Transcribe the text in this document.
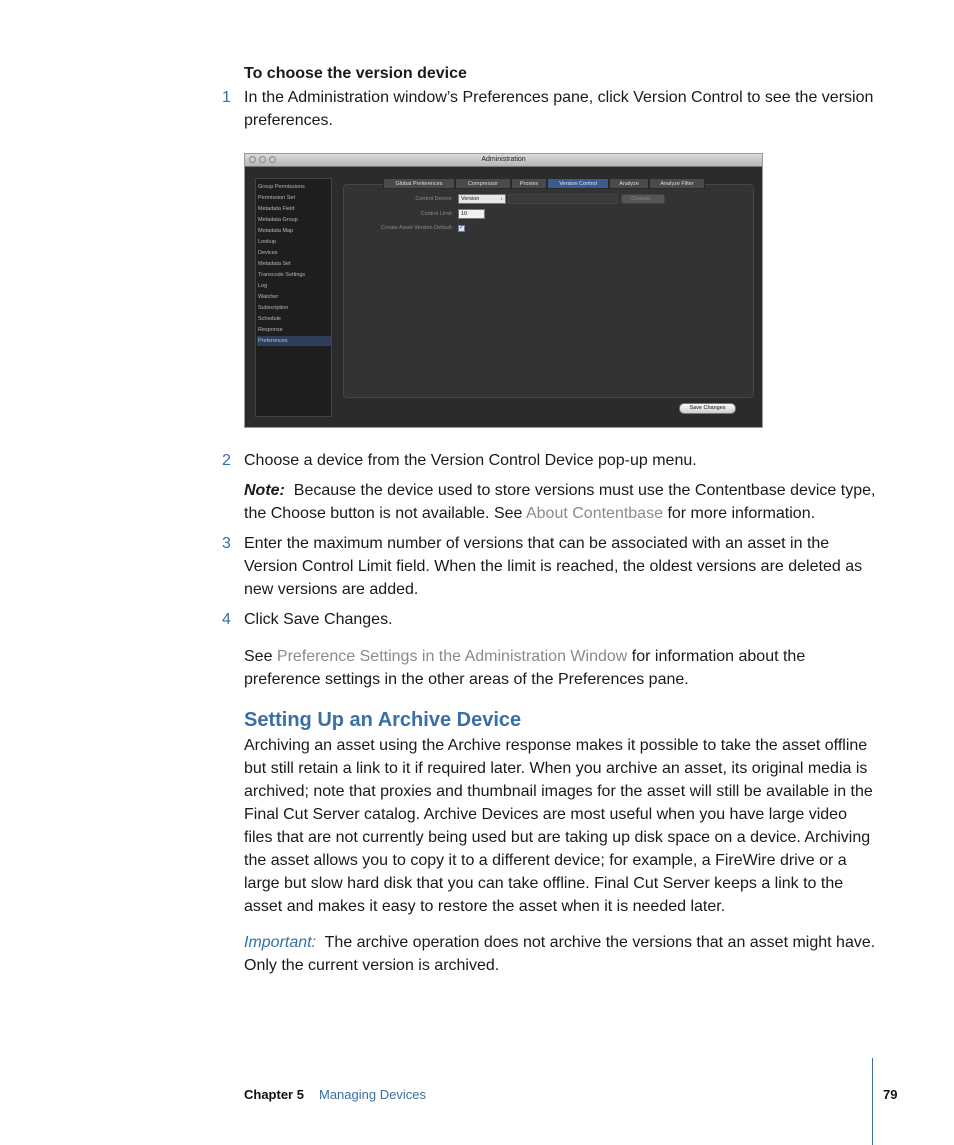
To choose the version device
1 In the Administration window’s Preferences pane, click Version Control to see the version preferences.
Administration
Group Permissions
Permission Set
Metadata Field
Metadata Group
Metadata Map
Lookup
Devices
Metadata Set
Transcode Settings
Log
Watcher
Subscription
Schedule
Response
Preferences
Global Preferences	Compressor	Proxies	Version Control	Analyze	Analyze Filter
Control Device:	Version	↕	Choose...
Control Limit:	10
Create Asset Version Default: ✓
Save Changes
2 Choose a device from the Version Control Device pop-up menu.
Note: Because the device used to store versions must use the Contentbase device type, the Choose button is not available. See About Contentbase for more information.
3 Enter the maximum number of versions that can be associated with an asset in the Version Control Limit field. When the limit is reached, the oldest versions are deleted as new versions are added.
4 Click Save Changes.
See Preference Settings in the Administration Window for information about the preference settings in the other areas of the Preferences pane.
Setting Up an Archive Device
Archiving an asset using the Archive response makes it possible to take the asset offline but still retain a link to it if required later. When you archive an asset, its original media is archived; note that proxies and thumbnail images for the asset will still be available in the Final Cut Server catalog. Archive Devices are most useful when you have large video files that are not currently being used but are taking up disk space on a device. Archiving the asset allows you to copy it to a different device; for example, a FireWire drive or a large but slow hard disk that you can take offline. Final Cut Server keeps a link to the asset and makes it easy to restore the asset when it is needed later.
Important: The archive operation does not archive the versions that an asset might have. Only the current version is archived.
Chapter 5 Managing Devices	79
